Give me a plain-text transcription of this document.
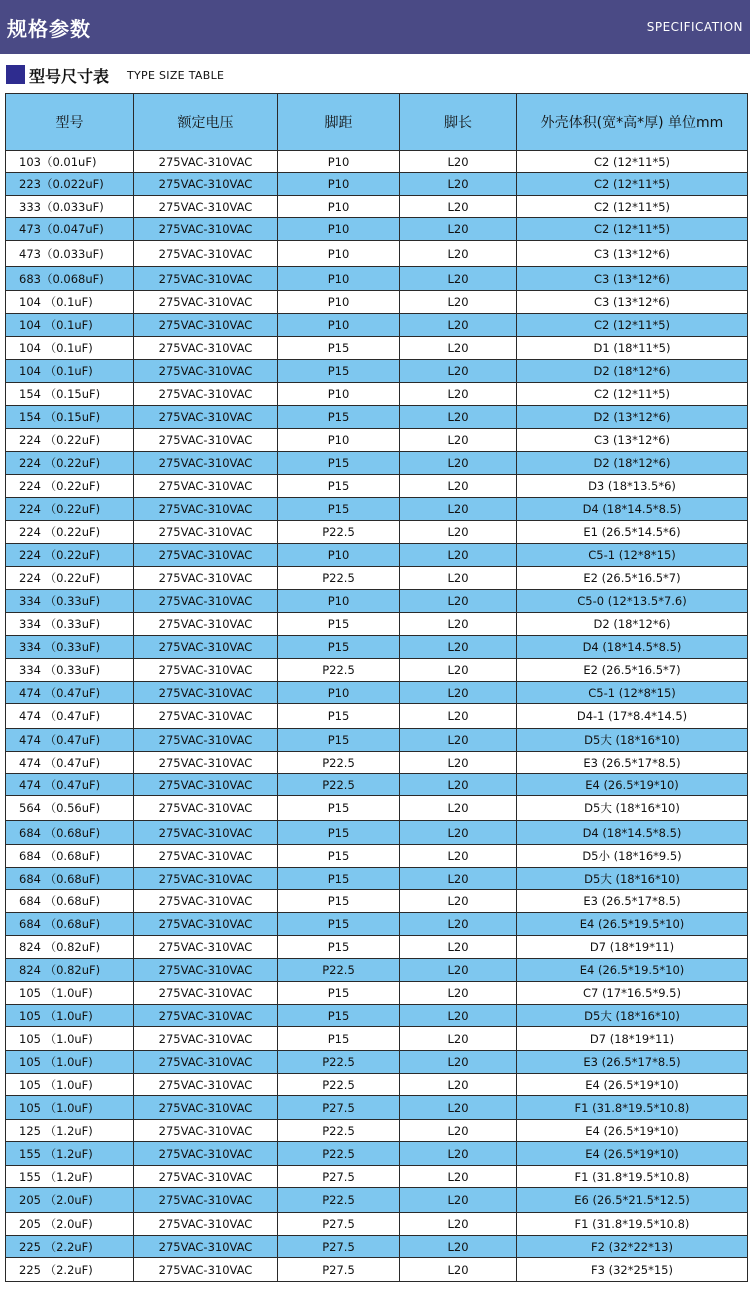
规格参数	SPECIFICATION
型号尺寸表 TYPE SIZE TABLE
型号	额定电压	脚距	脚长	外壳体积(宽*高*厚) 单位mm
103（0.01uF)	275VAC-310VAC	P10	L20	C2 (12*11*5)
223（0.022uF)	275VAC-310VAC	P10	L20	C2 (12*11*5)
333（0.033uF)	275VAC-310VAC	P10	L20	C2 (12*11*5)
473（0.047uF)	275VAC-310VAC	P10	L20	C2 (12*11*5)
473（0.033uF)	275VAC-310VAC	P10	L20	C3 (13*12*6)
683（0.068uF)	275VAC-310VAC	P10	L20	C3 (13*12*6)
104 （0.1uF)	275VAC-310VAC	P10	L20	C3 (13*12*6)
104 （0.1uF)	275VAC-310VAC	P10	L20	C2 (12*11*5)
104 （0.1uF)	275VAC-310VAC	P15	L20	D1 (18*11*5)
104 （0.1uF)	275VAC-310VAC	P15	L20	D2 (18*12*6)
154 （0.15uF)	275VAC-310VAC	P10	L20	C2 (12*11*5)
154 （0.15uF)	275VAC-310VAC	P15	L20	D2 (13*12*6)
224 （0.22uF)	275VAC-310VAC	P10	L20	C3 (13*12*6)
224 （0.22uF)	275VAC-310VAC	P15	L20	D2 (18*12*6)
224 （0.22uF)	275VAC-310VAC	P15	L20	D3 (18*13.5*6)
224 （0.22uF)	275VAC-310VAC	P15	L20	D4 (18*14.5*8.5)
224 （0.22uF)	275VAC-310VAC	P22.5	L20	E1 (26.5*14.5*6)
224 （0.22uF)	275VAC-310VAC	P10	L20	C5-1 (12*8*15)
224 （0.22uF)	275VAC-310VAC	P22.5	L20	E2 (26.5*16.5*7)
334 （0.33uF)	275VAC-310VAC	P10	L20	C5-0 (12*13.5*7.6)
334 （0.33uF)	275VAC-310VAC	P15	L20	D2 (18*12*6)
334 （0.33uF)	275VAC-310VAC	P15	L20	D4 (18*14.5*8.5)
334 （0.33uF)	275VAC-310VAC	P22.5	L20	E2 (26.5*16.5*7)
474 （0.47uF)	275VAC-310VAC	P10	L20	C5-1 (12*8*15)
474 （0.47uF)	275VAC-310VAC	P15	L20	D4-1 (17*8.4*14.5)
474 （0.47uF)	275VAC-310VAC	P15	L20	D5大 (18*16*10)
474 （0.47uF)	275VAC-310VAC	P22.5	L20	E3 (26.5*17*8.5)
474 （0.47uF)	275VAC-310VAC	P22.5	L20	E4 (26.5*19*10)
564 （0.56uF)	275VAC-310VAC	P15	L20	D5大 (18*16*10)
684 （0.68uF)	275VAC-310VAC	P15	L20	D4 (18*14.5*8.5)
684 （0.68uF)	275VAC-310VAC	P15	L20	D5小 (18*16*9.5)
684 （0.68uF)	275VAC-310VAC	P15	L20	D5大 (18*16*10)
684 （0.68uF)	275VAC-310VAC	P15	L20	E3 (26.5*17*8.5)
684 （0.68uF)	275VAC-310VAC	P15	L20	E4 (26.5*19.5*10)
824 （0.82uF)	275VAC-310VAC	P15	L20	D7 (18*19*11)
824 （0.82uF)	275VAC-310VAC	P22.5	L20	E4 (26.5*19.5*10)
105 （1.0uF)	275VAC-310VAC	P15	L20	C7 (17*16.5*9.5)
105 （1.0uF)	275VAC-310VAC	P15	L20	D5大 (18*16*10)
105 （1.0uF)	275VAC-310VAC	P15	L20	D7 (18*19*11)
105 （1.0uF)	275VAC-310VAC	P22.5	L20	E3 (26.5*17*8.5)
105 （1.0uF)	275VAC-310VAC	P22.5	L20	E4 (26.5*19*10)
105 （1.0uF)	275VAC-310VAC	P27.5	L20	F1 (31.8*19.5*10.8)
125 （1.2uF)	275VAC-310VAC	P22.5	L20	E4 (26.5*19*10)
155 （1.2uF)	275VAC-310VAC	P22.5	L20	E4 (26.5*19*10)
155 （1.2uF)	275VAC-310VAC	P27.5	L20	F1 (31.8*19.5*10.8)
205 （2.0uF)	275VAC-310VAC	P22.5	L20	E6 (26.5*21.5*12.5)
205 （2.0uF)	275VAC-310VAC	P27.5	L20	F1 (31.8*19.5*10.8)
225 （2.2uF)	275VAC-310VAC	P27.5	L20	F2 (32*22*13)
225 （2.2uF)	275VAC-310VAC	P27.5	L20	F3 (32*25*15)
